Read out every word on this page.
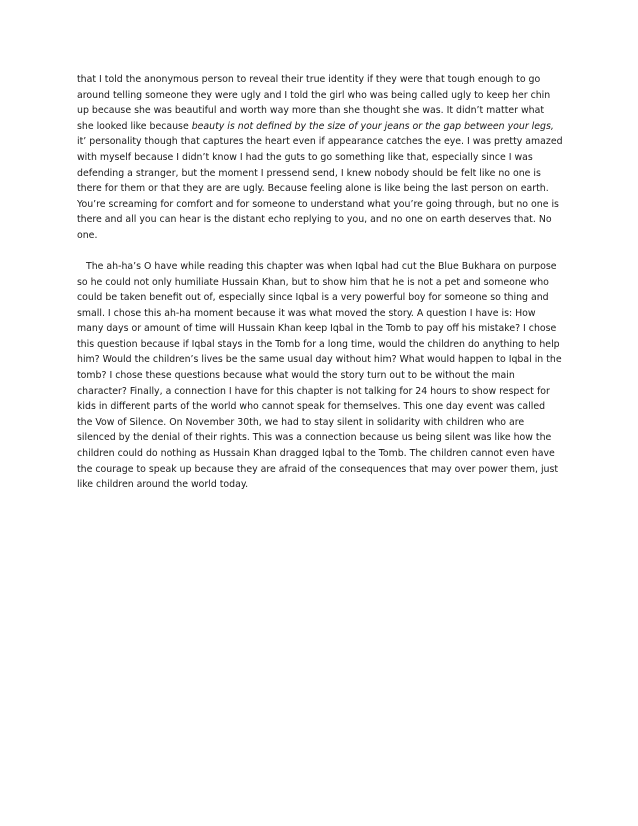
that I told the anonymous person to reveal their true identity if they were that tough enough to go around telling someone they were ugly and I told the girl who was being called ugly to keep her chin up because she was beautiful and worth way more than she thought she was. It didn’t matter what she looked like because beauty is not defined by the size of your jeans or the gap between your legs, it’ personality though that captures the heart even if appearance catches the eye. I was pretty amazed with myself because I didn’t know I had the guts to go something like that, especially since I was defending a stranger, but the moment I pressend send, I knew nobody should be felt like no one is there for them or that they are are ugly. Because feeling alone is like being the last person on earth. You’re screaming for comfort and for someone to understand what you’re going through, but no one is there and all you can hear is the distant echo replying to you, and no one on earth deserves that. No one.

The ah-ha’s O have while reading this chapter was when Iqbal had cut the Blue Bukhara on purpose so he could not only humiliate Hussain Khan, but to show him that he is not a pet and someone who could be taken benefit out of, especially since Iqbal is a very powerful boy for someone so thing and small. I chose this ah-ha moment because it was what moved the story. A question I have is: How many days or amount of time will Hussain Khan keep Iqbal in the Tomb to pay off his mistake? I chose this question because if Iqbal stays in the Tomb for a long time, would the children do anything to help him? Would the children’s lives be the same usual day without him? What would happen to Iqbal in the tomb? I chose these questions because what would the story turn out to be without the main character? Finally, a connection I have for this chapter is not talking for 24 hours to show respect for kids in different parts of the world who cannot speak for themselves. This one day event was called the Vow of Silence. On November 30th, we had to stay silent in solidarity with children who are silenced by the denial of their rights. This was a connection because us being silent was like how the children could do nothing as Hussain Khan dragged Iqbal to the Tomb. The children cannot even have the courage to speak up because they are afraid of the consequences that may over power them, just like children around the world today.
